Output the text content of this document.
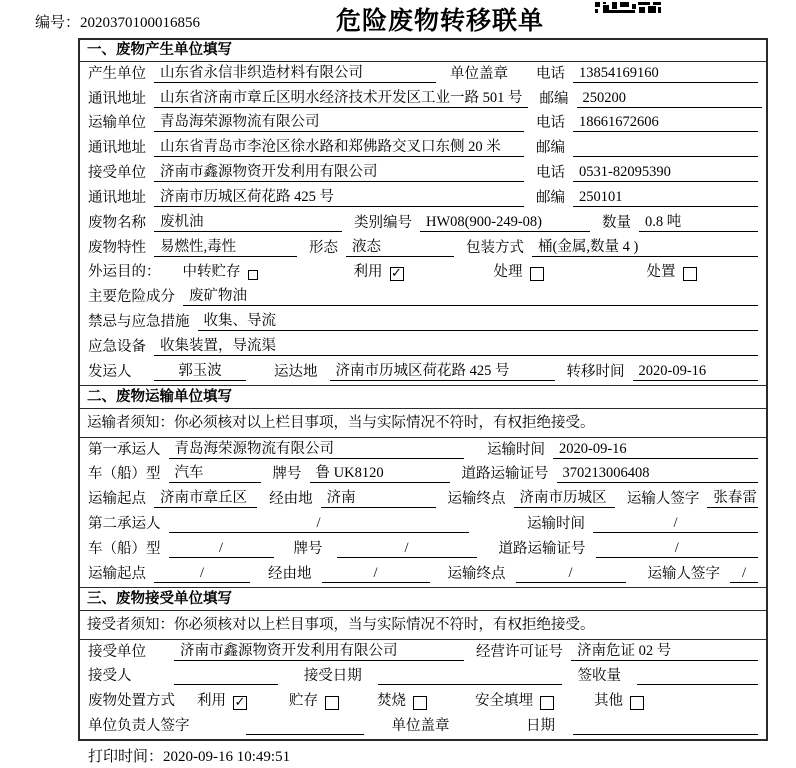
编号：2020370100016856	危险废物转移联单
一、废物产生单位填写
产生单位 山东省永信非织造材料有限公司	单位盖章 电话 13854169160
通讯地址 山东省济南市章丘区明水经济技术开发区工业一路 501 号	邮编 250200
运输单位 青岛海荣源物流有限公司	电话 18661672606
通讯地址 山东省青岛市李沧区徐水路和郑佛路交叉口东侧 20 米	邮编
接受单位 济南市鑫源物资开发利用有限公司	电话 0531-82095390
通讯地址 济南市历城区荷花路 425 号	邮编 250101
废物名称 废机油	类别编号 HW08(900-249-08)	数量 0.8 吨
废物特性 易燃性,毒性	形态 液态	包装方式 桶(金属,数量 4 )
外运目的： 中转贮存	利用 ✓	处理	处置
主要危险成分 废矿物油
禁忌与应急措施 收集、导流
应急设备 收集装置，导流渠
发运人	郭玉波	运达地	济南市历城区荷花路 425 号	转移时间 2020-09-16
二、废物运输单位填写
运输者须知：你必须核对以上栏目事项，当与实际情况不符时，有权拒绝接受。
第一承运人 青岛海荣源物流有限公司	运输时间 2020-09-16
车（船）型 汽车	牌号 鲁 UK8120	道路运输证号 370213006408
运输起点 济南市章丘区	经由地 济南	运输终点 济南市历城区	运输人签字 张春雷
第二承运人	/	运输时间	/
车（船）型	/	牌号	/	道路运输证号	/
运输起点	/	经由地	/	运输终点	/	运输人签字	/
三、废物接受单位填写
接受者须知：你必须核对以上栏目事项，当与实际情况不符时，有权拒绝接受。
接受单位	济南市鑫源物资开发利用有限公司	经营许可证号 济南危证 02 号
接受人	接受日期	签收量
废物处置方式 利用 ✓	贮存	焚烧	安全填埋	其他
单位负责人签字	单位盖章	日期
打印时间：2020-09-16 10:49:51
